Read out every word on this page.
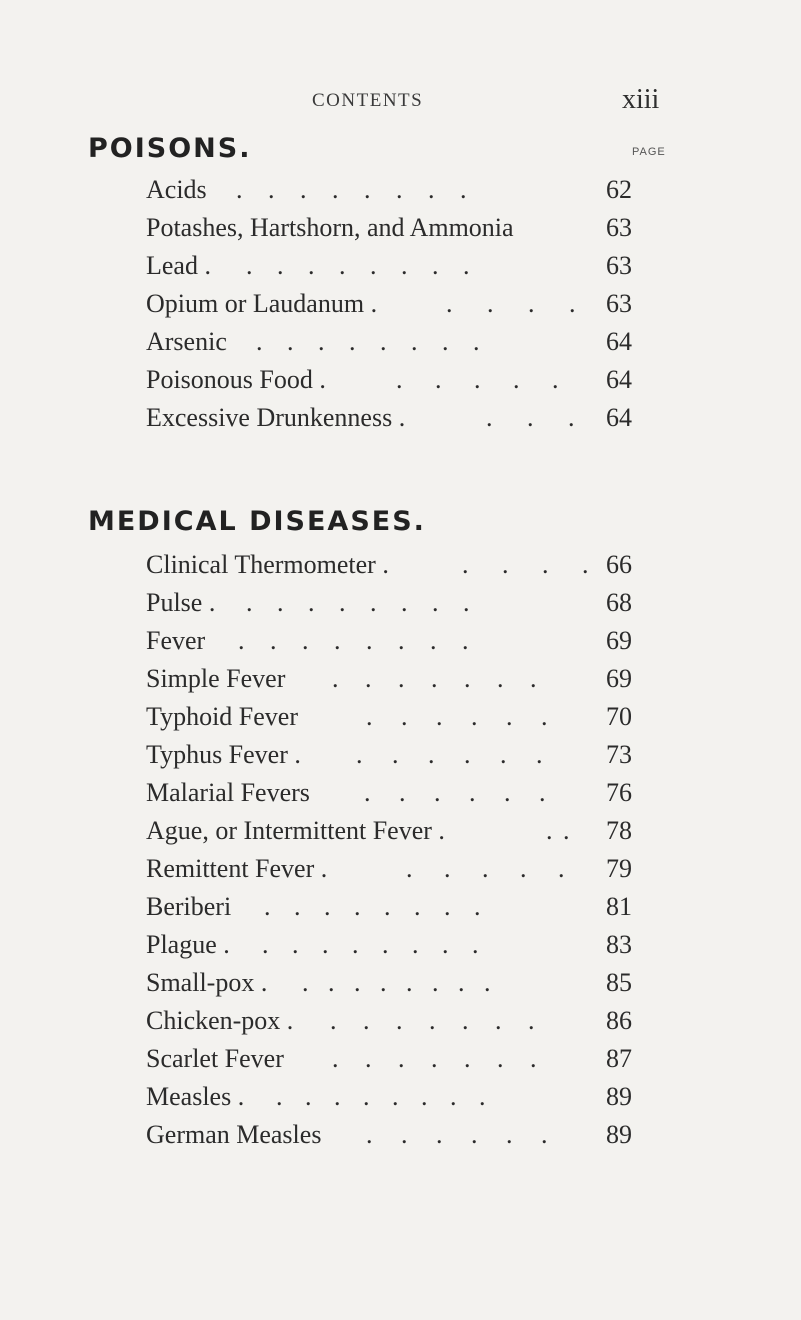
CONTENTS	xiii
POISONS.	PAGE
Acids . . . . . . . .	62
Potashes, Hartshorn, and Ammonia	63
Lead . . . . . . . . .	63
Opium or Laudanum .	. . . . 63
Arsenic . . . . . . . .	64
Poisonous Food .	. . . . . 64
Excessive Drunkenness .	. . . 64
MEDICAL DISEASES.
Clinical Thermometer .	. . . . 66
Pulse . . . . . . . . .	68
Fever . . . . . . . .	69
Simple Fever . . . . . . .	69
Typhoid Fever	. . . . . . 70
Typhus Fever . . . . . . . 73
Malarial Fevers . . . . . . 76
Ague, or Intermittent Fever .	. . 78
Remittent Fever .	. . . . . 79
Beriberi . . . . . . . .	81
Plague . . . . . . . . .	83
Small-pox . . . . . . . . .	85
Chicken-pox . . . . . . . .	86
Scarlet Fever . . . . . . .	87
Measles . . . . . . . . .	89
German Measles . . . . . . 89
